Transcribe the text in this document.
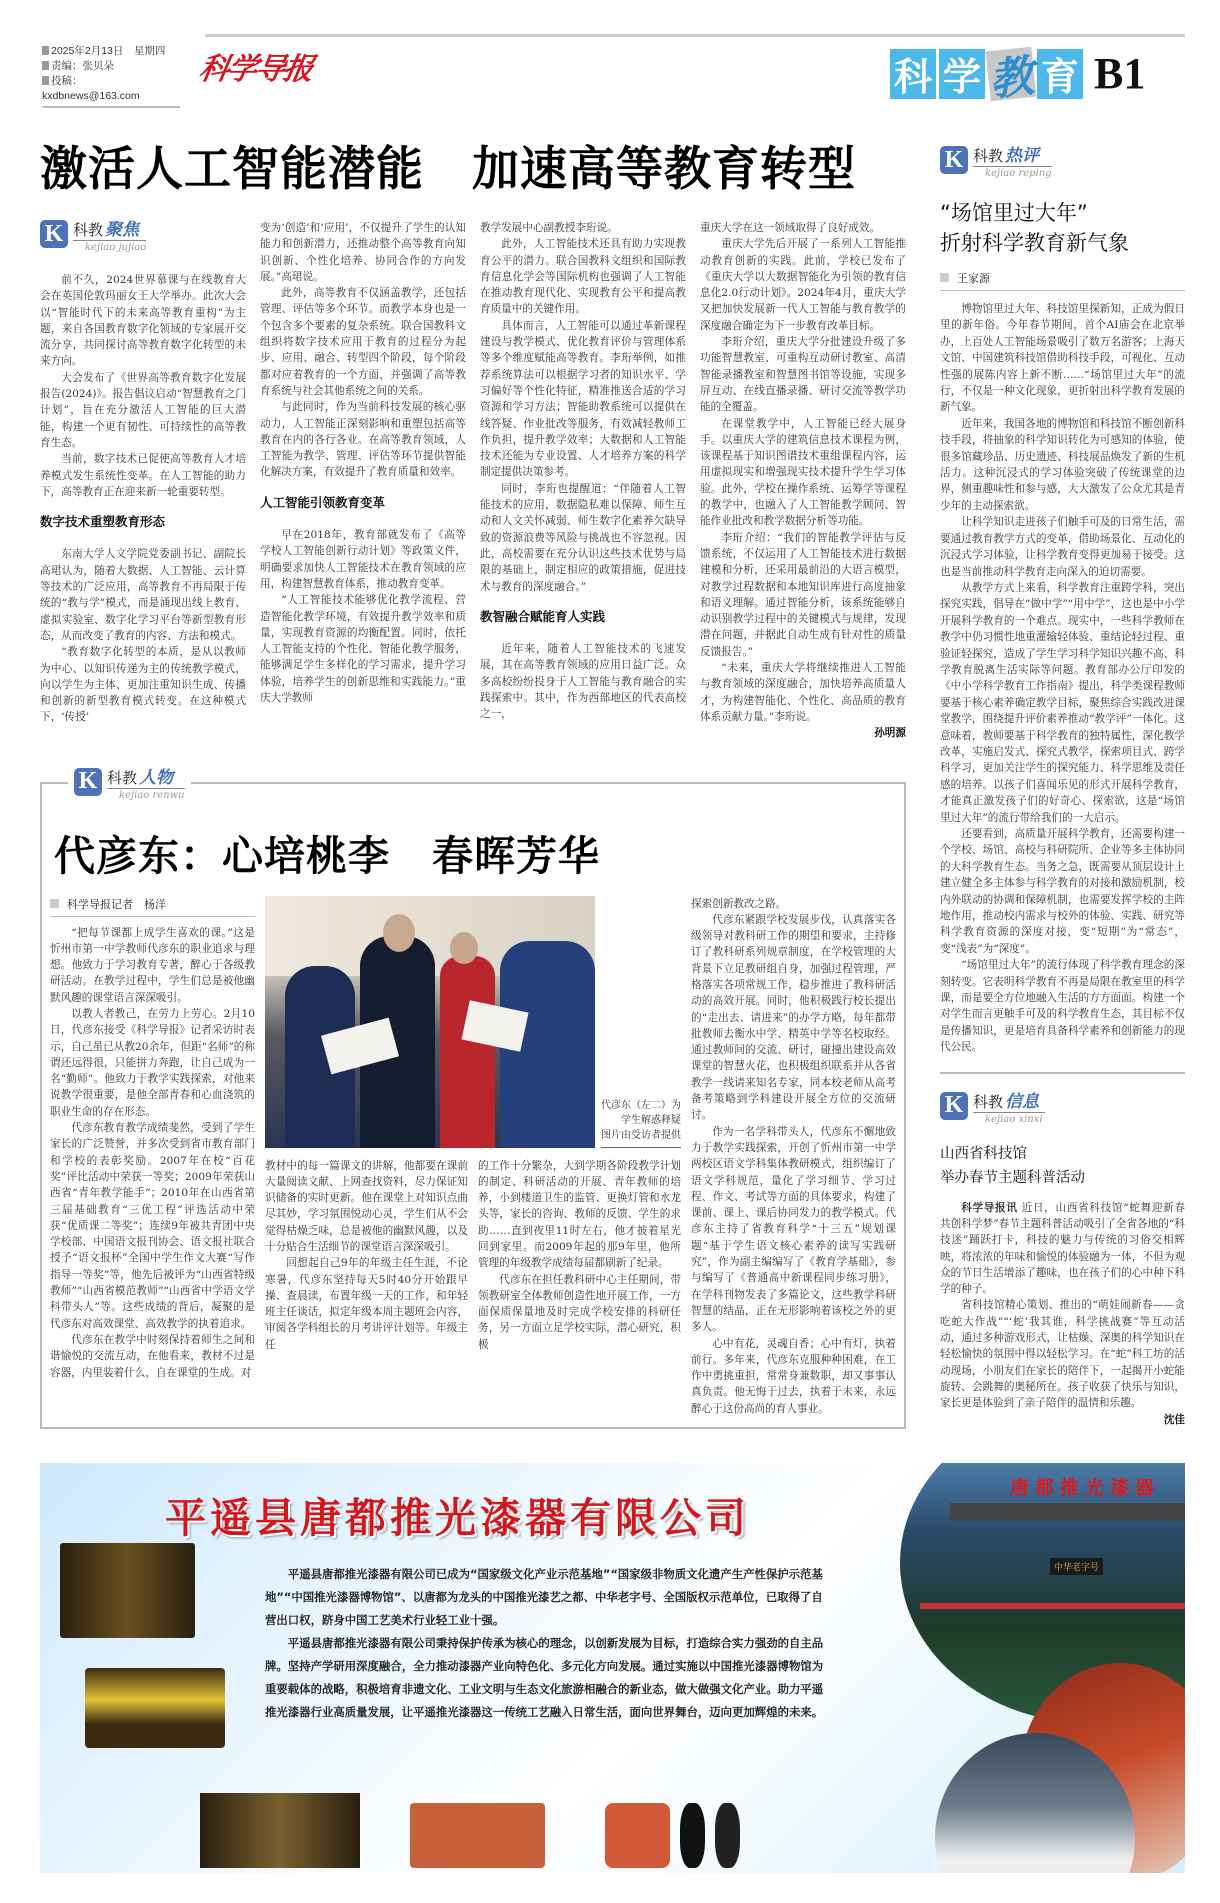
2025年2月13日　星期四
责编：张贝朵
投稿：kxdbnews@163.com
科学导报	科 学 教 育 B1
激活人工智能潜能　加速高等教育转型
K 科教 聚焦
kejiao jujiao

前不久，2024世界慕课与在线教育大会在英国伦敦玛丽女王大学举办。此次大会以“智能时代下的未来高等教育重构”为主题，来自各国教育数字化领域的专家展开交流分享，共同探讨高等教育数字化转型的未来方向。

大会发布了《世界高等教育数字化发展报告(2024)》。报告倡议启动“智慧教育之门计划”，旨在充分激活人工智能的巨大潜能，构建一个更有韧性、可持续性的高等教育生态。

当前，数字技术已促使高等教育人才培养模式发生系统性变革。在人工智能的助力下，高等教育正在迎来新一轮重要转型。

数字技术重塑教育形态

东南大学人文学院党委副书记、副院长高珺认为，随着大数据、人工智能、云计算等技术的广泛应用，高等教育不再局限于传统的“教与学”模式，而是涌现出线上教育、虚拟实验室、数字化学习平台等新型教育形态，从而改变了教育的内容、方法和模式。

“教育数字化转型的本质，是从以教师为中心、以知识传递为主的传统教学模式，向以学生为主体、更加注重知识生成、传播和创新的新型教育模式转变。在这种模式下，‘传授’

变为‘创造’和‘应用’，不仅提升了学生的认知能力和创新潜力，还推动整个高等教育向知识创新、个性化培养、协同合作的方向发展。”高珺说。

此外，高等教育不仅涵盖教学，还包括管理、评估等多个环节。而教学本身也是一个包含多个要素的复杂系统。联合国教科文组织将数字技术应用于教育的过程分为起步、应用、融合、转型四个阶段，每个阶段都对应着教育的一个方面，并强调了高等教育系统与社会其他系统之间的关系。

与此同时，作为当前科技发展的核心驱动力，人工智能正深刻影响和重塑包括高等教育在内的各行各业。在高等教育领域，人工智能为教学、管理、评估等环节提供智能化解决方案，有效提升了教育质量和效率。

人工智能引领教育变革

早在2018年，教育部就发布了《高等学校人工智能创新行动计划》等政策文件，明确要求加快人工智能技术在教育领域的应用，构建智慧教育体系，推动教育变革。

“人工智能技术能够优化教学流程、营造智能化教学环境，有效提升教学效率和质量，实现教育资源的均衡配置。同时，依托人工智能支持的个性化、智能化教学服务，能够满足学生多样化的学习需求，提升学习体验，培养学生的创新思维和实践能力。”重庆大学教师

教学发展中心副教授李珩说。

此外，人工智能技术还具有助力实现教育公平的潜力。联合国教科文组织和国际教育信息化学会等国际机构也强调了人工智能在推动教育现代化、实现教育公平和提高教育质量中的关键作用。

具体而言，人工智能可以通过革新课程建设与教学模式、优化教育评价与管理体系等多个维度赋能高等教育。李珩举例，如推荐系统算法可以根据学习者的知识水平、学习偏好等个性化特征，精准推送合适的学习资源和学习方法；智能助教系统可以提供在线答疑、作业批改等服务，有效减轻教师工作负担，提升教学效率；大数据和人工智能技术还能为专业设置、人才培养方案的科学制定提供决策参考。

同时，李珩也提醒道：“伴随着人工智能技术的应用，数据隐私难以保障、师生互动和人文关怀减弱、师生数字化素养欠缺导致的资源浪费等风险与挑战也不容忽视。因此，高校需要在充分认识这些技术优势与局限的基础上，制定相应的政策措施，促进技术与教育的深度融合。”

教智融合赋能育人实践

近年来，随着人工智能技术的飞速发展，其在高等教育领域的应用日益广泛。众多高校纷纷投身于人工智能与教育融合的实践探索中。其中，作为西部地区的代表高校之一，

重庆大学在这一领域取得了良好成效。

重庆大学先后开展了一系列人工智能推动教育创新的实践。此前，学校已发布了《重庆大学以大数据智能化为引领的教育信息化2.0行动计划》。2024年4月，重庆大学又把加快发展新一代人工智能与教育教学的深度融合确定为下一步教育改革目标。

李珩介绍，重庆大学分批建设升级了多功能智慧教室、可重构互动研讨教室、高清智能录播教室和智慧图书馆等设施，实现多屏互动、在线直播录播、研讨交流等教学功能的全覆盖。

在课堂教学中，人工智能已经大展身手。以重庆大学的建筑信息技术课程为例，该课程基于知识图谱技术重组课程内容，运用虚拟现实和增强现实技术提升学生学习体验。此外，学校在操作系统、运筹学等课程的教学中，也融入了人工智能教学顾问、智能作业批改和教学数据分析等功能。

李珩介绍：“我们的智能教学评估与反馈系统，不仅运用了人工智能技术进行数据建模和分析，还采用最前沿的大语言模型，对教学过程数据和本地知识库进行高度抽象和语义理解。通过智能分析，该系统能够自动识别教学过程中的关键模式与规律，发现潜在问题，并据此自动生成有针对性的质量反馈报告。”

“未来，重庆大学将继续推进人工智能与教育领域的深度融合，加快培养高质量人才，为构建智能化、个性化、高品质的教育体系贡献力量。”李珩说。

孙明源
K 科教 人物
kejiao renwu
代彦东：心培桃李　春晖芳华
科学导报记者　杨洋

“把每节课都上成学生喜欢的课。”这是忻州市第一中学教师代彦东的职业追求与理想。他致力于学习教育专著，醉心于各级教研活动。在教学过程中，学生们总是被他幽默风趣的课堂语言深深吸引。

以教人者教己，在劳力上劳心。2月10日，代彦东接受《科学导报》记者采访时表示，自己虽已从教20余年，但距“名师”的称谓还远得很，只能拼力奔跑，让自己成为一名“勤师”。他致力于教学实践探索，对他来说教学很重要，是他全部青春和心血浇筑的职业生命的存在形态。

代彦东教育教学成绩斐然，受到了学生家长的广泛赞誉，并多次受到省市教育部门和学校的表彰奖励。2007年在校“百花奖”评比活动中荣获一等奖；2009年荣获山西省“青年教学能手”；2010年在山西省第三届基础教育“三优工程”评选活动中荣获“优质课二等奖”；连续9年被共青团中央学校部、中国语文报刊协会、语文报社联合授予“语文报杯”全国中学生作文大赛“写作指导一等奖”等，他先后被评为“山西省特级教师”“山西省模范教师”“山西省中学语文学科带头人”等。这些成绩的背后，凝聚的是代彦东对高效课堂、高效教学的执着追求。

代彦东在教学中时刻保持着师生之间和谐愉悦的交流互动，在他看来，教材不过是容器，内里装着什么，自在课堂的生成。对

代彦东（左二）为学生解惑释疑
图片由受访者提供

教材中的每一篇课文的讲解，他都要在课前大量阅读文献、上网查找资料，尽力保证知识储备的实时更新。他在课堂上对知识点曲尽其妙，学习氛围悦动心灵，学生们从不会觉得枯燥乏味，总是被他的幽默风趣，以及十分贴合生活细节的课堂语言深深吸引。

回想起自己9年的年级主任生涯，不论寒暑，代彦东坚持每天5时40分开始跟早操、查晨读，布置年级一天的工作，和年轻班主任谈话，拟定年级本周主题班会内容，审阅各学科组长的月考讲评计划等。年级主任

的工作十分繁杂，大到学期各阶段教学计划的制定、科研活动的开展、青年教师的培养，小到楼道卫生的监管、更换灯管和水龙头等，家长的咨询、教师的反馈、学生的求助……直到夜里11时左右，他才披着星光回到家里。而2009年起的那9年里，他所管理的年级教学成绩每届都刷新了纪录。

代彦东在担任教科研中心主任期间，带领教研室全体教师创造性地开展工作，一方面保质保量地及时完成学校安排的科研任务，另一方面立足学校实际，潜心研究，积极

探索创新教改之路。

代彦东紧跟学校发展步伐，认真落实各级领导对教科研工作的期望和要求，主持修订了教科研系列规章制度，在学校管理的大背景下立足教研组自身，加强过程管理，严格落实各项常规工作，稳步推进了教科研活动的高效开展。同时，他积极践行校长提出的“走出去、请进来”的办学方略，每年都带批教师去衡水中学、精英中学等名校取经。通过教师间的交流、研讨，碰撞出建设高效课堂的智慧火花，也积极组织联系并从各省教学一线请来知名专家，同本校老师从高考备考策略到学科建设开展全方位的交流研讨。

作为一名学科带头人，代彦东不懈地致力于教学实践探索，开创了忻州市第一中学两校区语文学科集体教研模式，组织编订了语文学科规范，量化了学习细节、学习过程、作文、考试等方面的具体要求，构建了课前、课上、课后协同发力的教学模式。代彦东主持了省教育科学“十三五”规划课题“基于学生语文核心素养的读写实践研究”，作为副主编编写了《教育学基础》，参与编写了《普通高中新课程同步练习册》，在学科刊物发表了多篇论文，这些教学科研智慧的结晶，正在无形影响着该校之外的更多人。

心中有花，灵魂自香；心中有灯，执着前行。多年来，代彦东克服种种困难，在工作中勇挑重担，常常身兼数职，却又事事认真负责。他无悔于过去，执着于未来，永远醉心于这份高尚的育人事业。

K 科教 热评
kejiao reping
“场馆里过大年”
折射科学教育新气象
王家源

博物馆里过大年、科技馆里探新知，正成为假日里的新年俗。今年春节期间，首个AI庙会在北京举办，上百处人工智能场景吸引了数万名游客；上海天文馆、中国建筑科技馆借助科技手段，可视化、互动性强的展陈内容上新不断……“场馆里过大年”的流行，不仅是一种文化现象，更折射出科学教育发展的新气象。

近年来，我国各地的博物馆和科技馆不断创新科技手段，将抽象的科学知识转化为可感知的体验，使很多馆藏珍品、历史遗迹、科技展品焕发了新的生机活力。这种沉浸式的学习体验突破了传统课堂的边界，侧重趣味性和参与感，大大激发了公众尤其是青少年的主动探索欲。

让科学知识走进孩子们触手可及的日常生活，需要通过教育教学方式的变革，借助场景化、互动化的沉浸式学习体验，让科学教育变得更加易于接受。这也是当前推动科学教育走向深入的迫切需要。

从教学方式上来看，科学教育注重跨学科，突出探究实践，倡导在“做中学”“用中学”，这也是中小学开展科学教育的一个难点。现实中，一些科学教师在教学中仍习惯性地重灌输轻体验、重结论轻过程、重验证轻探究，造成了学生学习科学知识兴趣不高、科学教育脱离生活实际等问题。教育部办公厅印发的《中小学科学教育工作指南》提出，科学类课程教师要基于核心素养确定教学目标，聚焦综合实践改进课堂教学，围绕提升评价素养推动“教学评”一体化。这意味着，教师要基于科学教育的独特属性，深化教学改革，实施启发式、探究式教学，探索项目式、跨学科学习，更加关注学生的探究能力、科学思维及责任感的培养。以孩子们喜闻乐见的形式开展科学教育，才能真正激发孩子们的好奇心、探索欲，这是“场馆里过大年”的流行带给我们的一大启示。

还要看到，高质量开展科学教育，还需要构建一个学校、场馆、高校与科研院所、企业等多主体协同的大科学教育生态。当务之急，既需要从顶层设计上建立健全多主体参与科学教育的对接和激励机制，校内外联动的协调和保障机制，也需要发挥学校的主阵地作用，推动校内需求与校外的体验、实践、研究等科学教育资源的深度对接，变“短期”为“常态”，变“浅表”为“深度”。

“场馆里过大年”的流行体现了科学教育理念的深刻转变。它表明科学教育不再是局限在教室里的科学课，而是要全方位地融入生活的方方面面。构建一个对学生而言更触手可及的科学教育生态，其目标不仅是传播知识，更是培育具备科学素养和创新能力的现代公民。

K 科教 信息
kejiao xinxi
山西省科技馆
举办春节主题科普活动

科学导报讯 近日，山西省科技馆“蛇舞迎新春 共创科学梦”春节主题科普活动吸引了全省各地的“科技迷”踊跃打卡，科技的魅力与传统的习俗交相辉映，将浓浓的年味和愉悦的体验融为一体，不但为观众的节日生活增添了趣味，也在孩子们的心中种下科学的种子。

省科技馆精心策划、推出的“萌娃闹新春——贪吃蛇大作战”“‘蛇’我其谁，科学挑战赛”等互动活动，通过多种游戏形式，让枯燥、深奥的科学知识在轻松愉快的氛围中得以轻松学习。在“蛇”科工坊的活动现场，小朋友们在家长的陪伴下，一起揭开小蛇能旋转、会跳舞的奥秘所在。孩子收获了快乐与知识，家长更是体验到了亲子陪伴的温情和乐趣。

沈佳
唐都推光漆器
中华老字号
平遥县唐都推光漆器有限公司

平遥县唐都推光漆器有限公司已成为“国家级文化产业示范基地”“国家级非物质文化遗产生产性保护示范基地”“中国推光漆器博物馆”、以唐都为龙头的中国推光漆艺之都、中华老字号、全国版权示范单位，已取得了自营出口权，跻身中国工艺美术行业轻工业十强。

平遥县唐都推光漆器有限公司秉持保护传承为核心的理念，以创新发展为目标，打造综合实力强劲的自主品牌。坚持产学研用深度融合，全力推动漆器产业向特色化、多元化方向发展。通过实施以中国推光漆器博物馆为重要载体的战略，积极培育非遗文化、工业文明与生态文化旅游相融合的新业态，做大做强文化产业。助力平遥推光漆器行业高质量发展，让平遥推光漆器这一传统工艺融入日常生活，面向世界舞台，迈向更加辉煌的未来。
